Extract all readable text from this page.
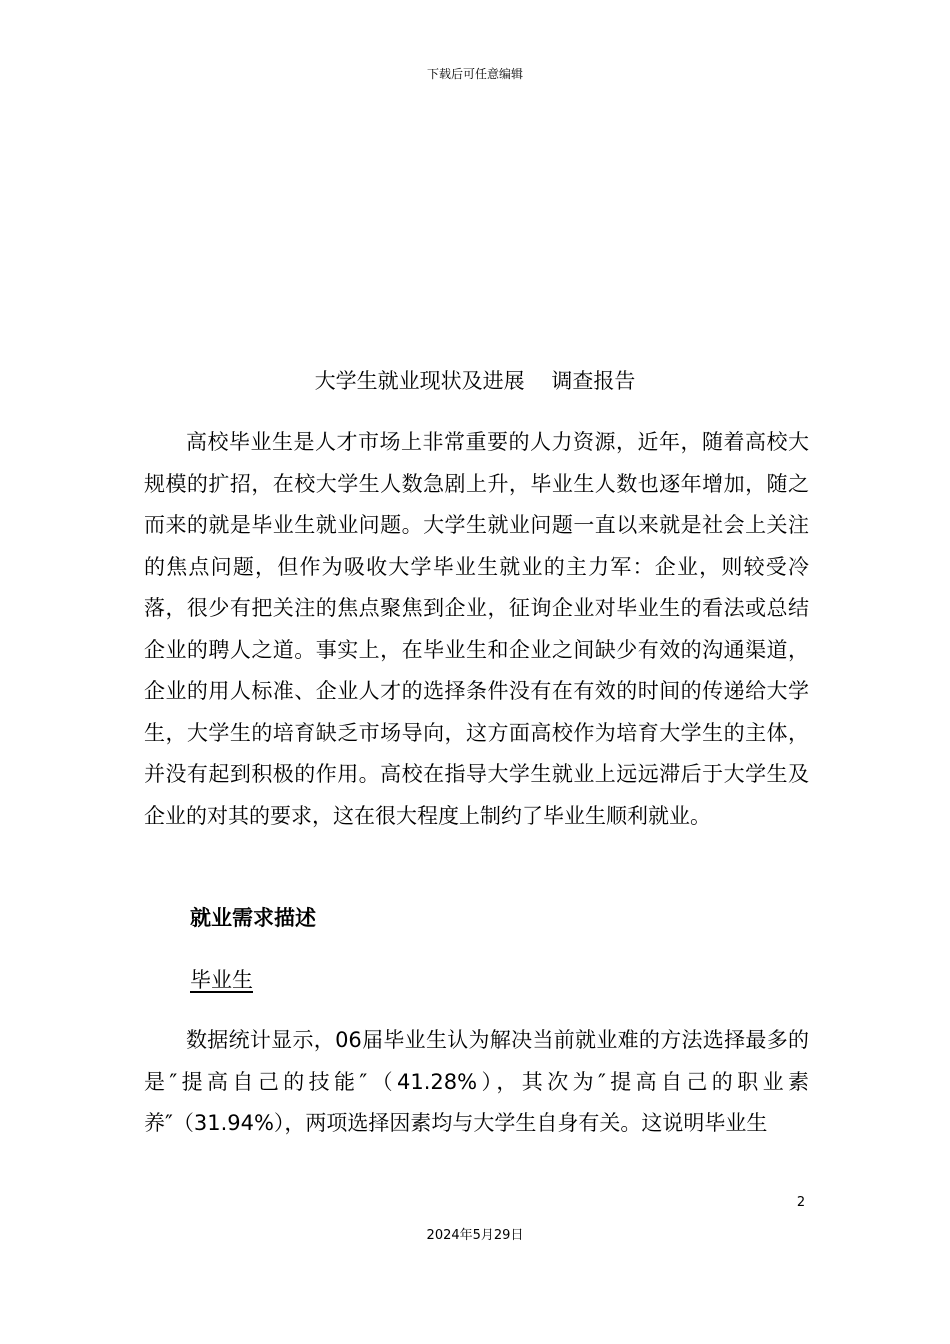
下载后可任意编辑
大学生就业现状及进展    调查报告

高校毕业生是人才市场上非常重要的人力资源，近年，随着高校大规模的扩招，在校大学生人数急剧上升，毕业生人数也逐年增加，随之而来的就是毕业生就业问题。大学生就业问题一直以来就是社会上关注的焦点问题，但作为吸收大学毕业生就业的主力军：企业，则较受冷落，很少有把关注的焦点聚焦到企业，征询企业对毕业生的看法或总结企业的聘人之道。事实上，在毕业生和企业之间缺少有效的沟通渠道，企业的用人标准、企业人才的选择条件没有在有效的时间的传递给大学生，大学生的培育缺乏市场导向，这方面高校作为培育大学生的主体，并没有起到积极的作用。高校在指导大学生就业上远远滞后于大学生及企业的对其的要求，这在很大程度上制约了毕业生顺利就业。

就业需求描述
毕业生

数据统计显示，06届毕业生认为解决当前就业难的方法选择最多的是″提高自己的技能″（41.28%），其次为″提高自己的职业素养″（31.94%），两项选择因素均与大学生自身有关。这说明毕业生

2
2024年5月29日
